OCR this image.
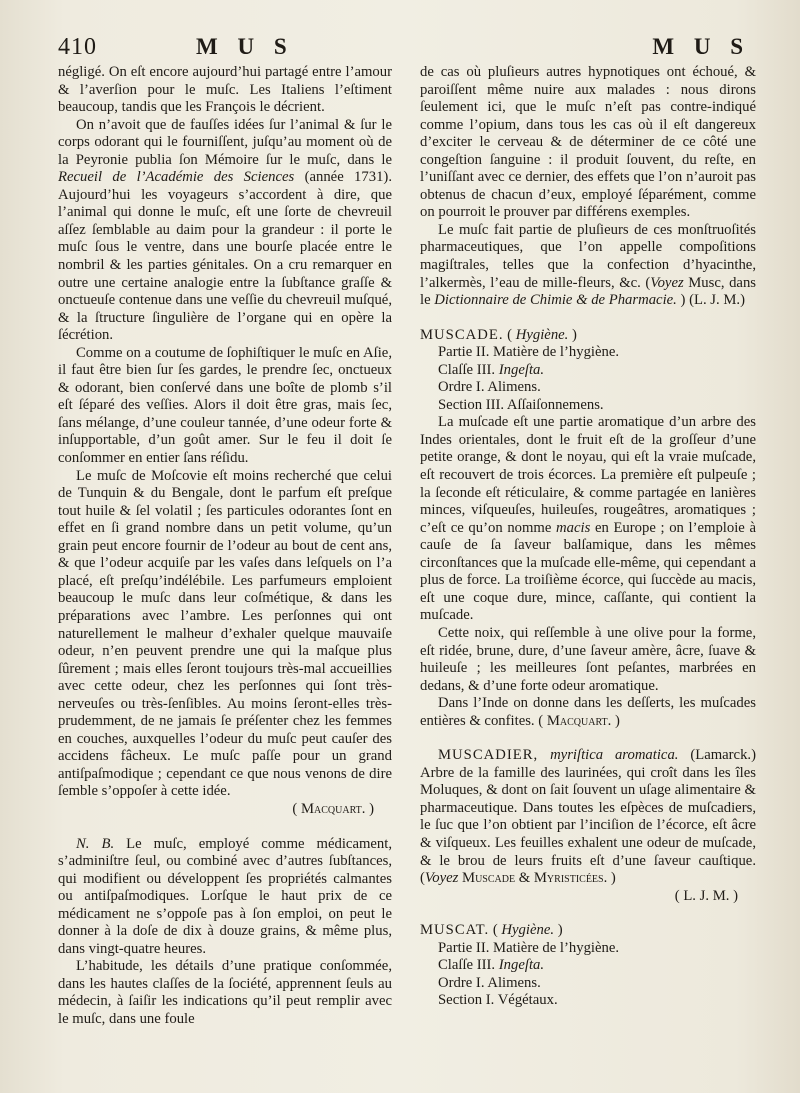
410	M U S	M U S

négligé. On eſt encore aujourd’hui partagé entre l’amour & l’averſion pour le muſc. Les Italiens l’eſtiment beaucoup, tandis que les François le décrient.

On n’avoit que de fauſſes idées ſur l’animal & ſur le corps odorant qui le fourniſſent, juſqu’au moment où de la Peyronie publia ſon Mémoire ſur le muſc, dans le Recueil de l’Académie des Sciences (année 1731). Aujourd’hui les voyageurs s’accordent à dire, que l’animal qui donne le muſc, eſt une ſorte de chevreuil aſſez ſemblable au daim pour la grandeur : il porte le muſc ſous le ventre, dans une bourſe placée entre le nombril & les parties génitales. On a cru remarquer en outre une certaine analogie entre la ſubſtance graſſe & onctueuſe contenue dans une veſſie du chevreuil muſqué, & la ſtructure ſingulière de l’organe qui en opère la ſécrétion.

Comme on a coutume de ſophiſtiquer le muſc en Aſie, il faut être bien ſur ſes gardes, le prendre ſec, onctueux & odorant, bien conſervé dans une boîte de plomb s’il eſt ſéparé des veſſies. Alors il doit être gras, mais ſec, ſans mélange, d’une couleur tannée, d’une odeur forte & inſupportable, d’un goût amer. Sur le feu il doit ſe conſommer en entier ſans réſidu.

Le muſc de Moſcovie eſt moins recherché que celui de Tunquin & du Bengale, dont le parfum eſt preſque tout huile & ſel volatil ; ſes particules odorantes ſont en effet en ſi grand nombre dans un petit volume, qu’un grain peut encore fournir de l’odeur au bout de cent ans, & que l’odeur acquiſe par les vaſes dans leſquels on l’a placé, eſt preſqu’indélébile. Les parfumeurs emploient beaucoup le muſc dans leur coſmétique, & dans les préparations avec l’ambre. Les perſonnes qui ont naturellement le malheur d’exhaler quelque mauvaiſe odeur, n’en peuvent prendre une qui la maſque plus ſûrement ; mais elles ſeront toujours très-mal accueillies avec cette odeur, chez les perſonnes qui ſont très-nerveuſes ou très-ſenſibles. Au moins ſeront-elles très-prudemment, de ne jamais ſe préſenter chez les femmes en couches, auxquelles l’odeur du muſc peut cauſer des accidens fâcheux. Le muſc paſſe pour un grand antiſpaſmodique ; cependant ce que nous venons de dire ſemble s’oppoſer à cette idée.

( Macquart. )

N. B. Le muſc, employé comme médicament, s’adminiſtre ſeul, ou combiné avec d’autres ſubſtances, qui modifient ou développent ſes propriétés calmantes ou antiſpaſmodiques. Lorſque le haut prix de ce médicament ne s’oppoſe pas à ſon emploi, on peut le donner à la doſe de dix à douze grains, & même plus, dans vingt-quatre heures.

L’habitude, les détails d’une pratique conſommée, dans les hautes claſſes de la ſociété, apprennent ſeuls au médecin, à ſaiſir les indications qu’il peut remplir avec le muſc, dans une foule

de cas où pluſieurs autres hypnotiques ont échoué, & paroiſſent même nuire aux malades : nous dirons ſeulement ici, que le muſc n’eſt pas contre-indiqué comme l’opium, dans tous les cas où il eſt dangereux d’exciter le cerveau & de déterminer de ce côté une congeſtion ſanguine : il produit ſouvent, du reſte, en l’uniſſant avec ce dernier, des effets que l’on n’auroit pas obtenus de chacun d’eux, employé ſéparément, comme on pourroit le prouver par différens exemples.

Le muſc fait partie de pluſieurs de ces monſtruoſités pharmaceutiques, que l’on appelle compoſitions magiſtrales, telles que la confection d’hyacinthe, l’alkermès, l’eau de mille-fleurs, &c. (Voyez Musc, dans le Dictionnaire de Chimie & de Pharmacie. ) (L. J. M.)

MUSCADE. ( Hygiène. )

Partie II. Matière de l’hygiène.

Claſſe III. Ingeſta.

Ordre I. Alimens.

Section III. Aſſaiſonnemens.

La muſcade eſt une partie aromatique d’un arbre des Indes orientales, dont le fruit eſt de la groſſeur d’une petite orange, & dont le noyau, qui eſt la vraie muſcade, eſt recouvert de trois écorces. La première eſt pulpeuſe ; la ſeconde eſt réticulaire, & comme partagée en lanières minces, viſqueuſes, huileuſes, rougeâtres, aromatiques ; c’eſt ce qu’on nomme macis en Europe ; on l’emploie à cauſe de ſa ſaveur balſamique, dans les mêmes circonſtances que la muſcade elle-même, qui cependant a plus de force. La troiſième écorce, qui ſuccède au macis, eſt une coque dure, mince, caſſante, qui contient la muſcade.

Cette noix, qui reſſemble à une olive pour la forme, eſt ridée, brune, dure, d’une ſaveur amère, âcre, ſuave & huileuſe ; les meilleures ſont peſantes, marbrées en dedans, & d’une forte odeur aromatique.

Dans l’Inde on donne dans les deſſerts, les muſcades entières & confites. ( Macquart. )

MUSCADIER, myriſtica aromatica. (Lamarck.) Arbre de la famille des laurinées, qui croît dans les îles Moluques, & dont on ſait ſouvent un uſage alimentaire & pharmaceutique. Dans toutes les eſpèces de muſcadiers, le ſuc que l’on obtient par l’inciſion de l’écorce, eſt âcre & viſqueux. Les feuilles exhalent une odeur de muſcade, & le brou de leurs fruits eſt d’une ſaveur cauſtique. (Voyez Muscade & Myristicées. )

( L. J. M. )

MUSCAT. ( Hygiène. )

Partie II. Matière de l’hygiène.

Claſſe III. Ingeſta.

Ordre I. Alimens.

Section I. Végétaux.
